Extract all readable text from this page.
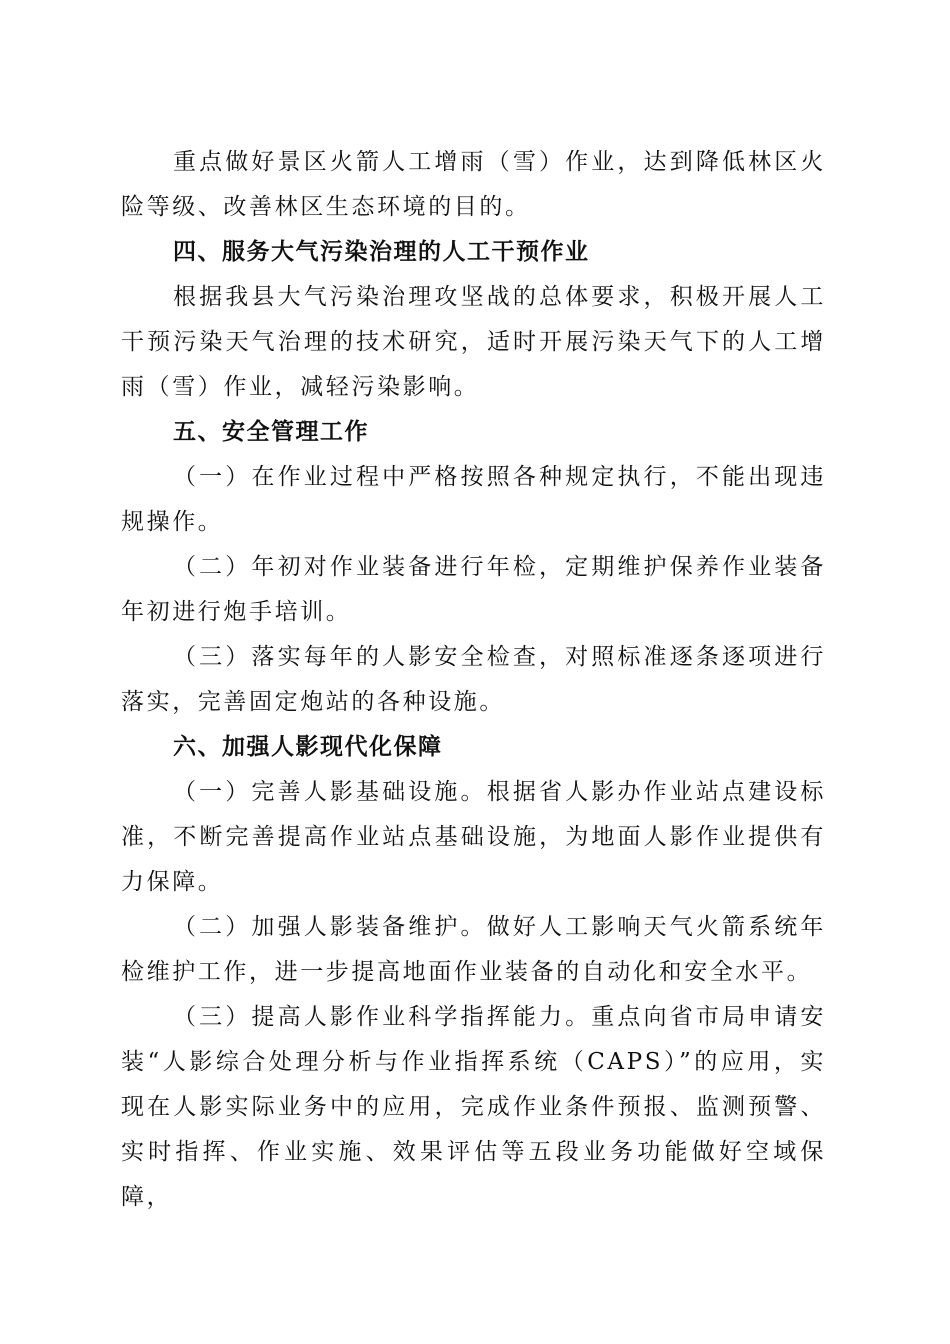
重点做好景区火箭人工增雨（雪）作业，达到降低林区火险等级、改善林区生态环境的目的。

四、服务大气污染治理的人工干预作业

根据我县大气污染治理攻坚战的总体要求，积极开展人工干预污染天气治理的技术研究，适时开展污染天气下的人工增雨（雪）作业，减轻污染影响。

五、安全管理工作

（一）在作业过程中严格按照各种规定执行，不能出现违规操作。

（二）年初对作业装备进行年检，定期维护保养作业装备年初进行炮手培训。

（三）落实每年的人影安全检查，对照标准逐条逐项进行落实，完善固定炮站的各种设施。

六、加强人影现代化保障

（一）完善人影基础设施。根据省人影办作业站点建设标准，不断完善提高作业站点基础设施，为地面人影作业提供有力保障。

（二）加强人影装备维护。做好人工影响天气火箭系统年检维护工作，进一步提高地面作业装备的自动化和安全水平。

（三）提高人影作业科学指挥能力。重点向省市局申请安装“人影综合处理分析与作业指挥系统（CAPS）”的应用，实现在人影实际业务中的应用，完成作业条件预报、监测预警、实时指挥、作业实施、效果评估等五段业务功能做好空域保障，
